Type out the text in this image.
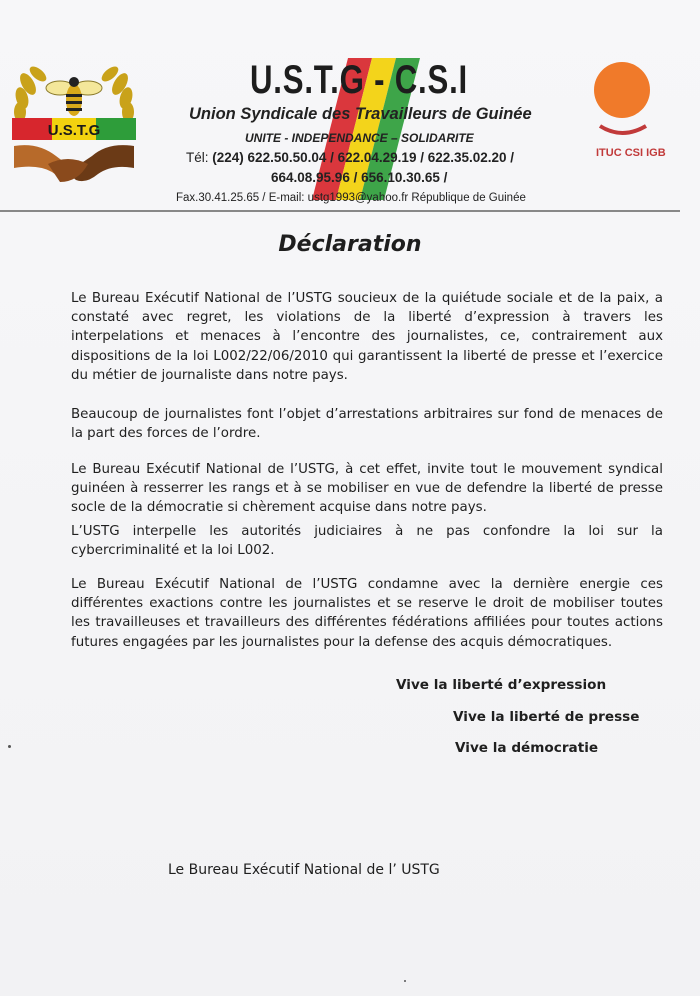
U.S.T.G
ITUC CSI IGB
U.S.T.G - C.S.I
Union Syndicale des Travailleurs de Guinée
UNITE - INDEPENDANCE – SOLIDARITE
Tél: (224) 622.50.50.04 / 622.04.29.19 / 622.35.02.20 /
664.08.95.96 / 656.10.30.65 /
Fax.30.41.25.65 / E-mail: ustg1993@yahoo.fr République de Guinée
Déclaration
Le Bureau Exécutif National de l’USTG soucieux de la quiétude sociale et de la paix, a constaté avec regret, les violations de la liberté d’expression à travers les interpelations et menaces à l’encontre des journalistes, ce, contrairement aux dispositions de la loi L002/22/06/2010 qui garantissent la liberté de presse et l’exercice du métier de journaliste dans notre pays.
Beaucoup de journalistes font l’objet d’arrestations arbitraires sur fond de menaces de la part des forces de l’ordre.
Le Bureau Exécutif National de l’USTG, à cet effet, invite tout le mouvement syndical guinéen à resserrer les rangs et à se mobiliser en vue de defendre la liberté de presse socle de la démocratie si chèrement acquise dans notre pays.
L’USTG interpelle les autorités judiciaires à ne pas confondre la loi sur la cybercriminalité et la loi L002.
Le Bureau Exécutif National de l’USTG condamne avec la dernière energie ces différentes exactions contre les journalistes et se reserve le droit de mobiliser toutes les travailleuses et travailleurs des différentes fédérations affiliées pour toutes actions futures engagées par les journalistes pour la defense des acquis démocratiques.
Vive la liberté d’expression
Vive la liberté de presse
Vive la démocratie
Le Bureau Exécutif National de l’ USTG
